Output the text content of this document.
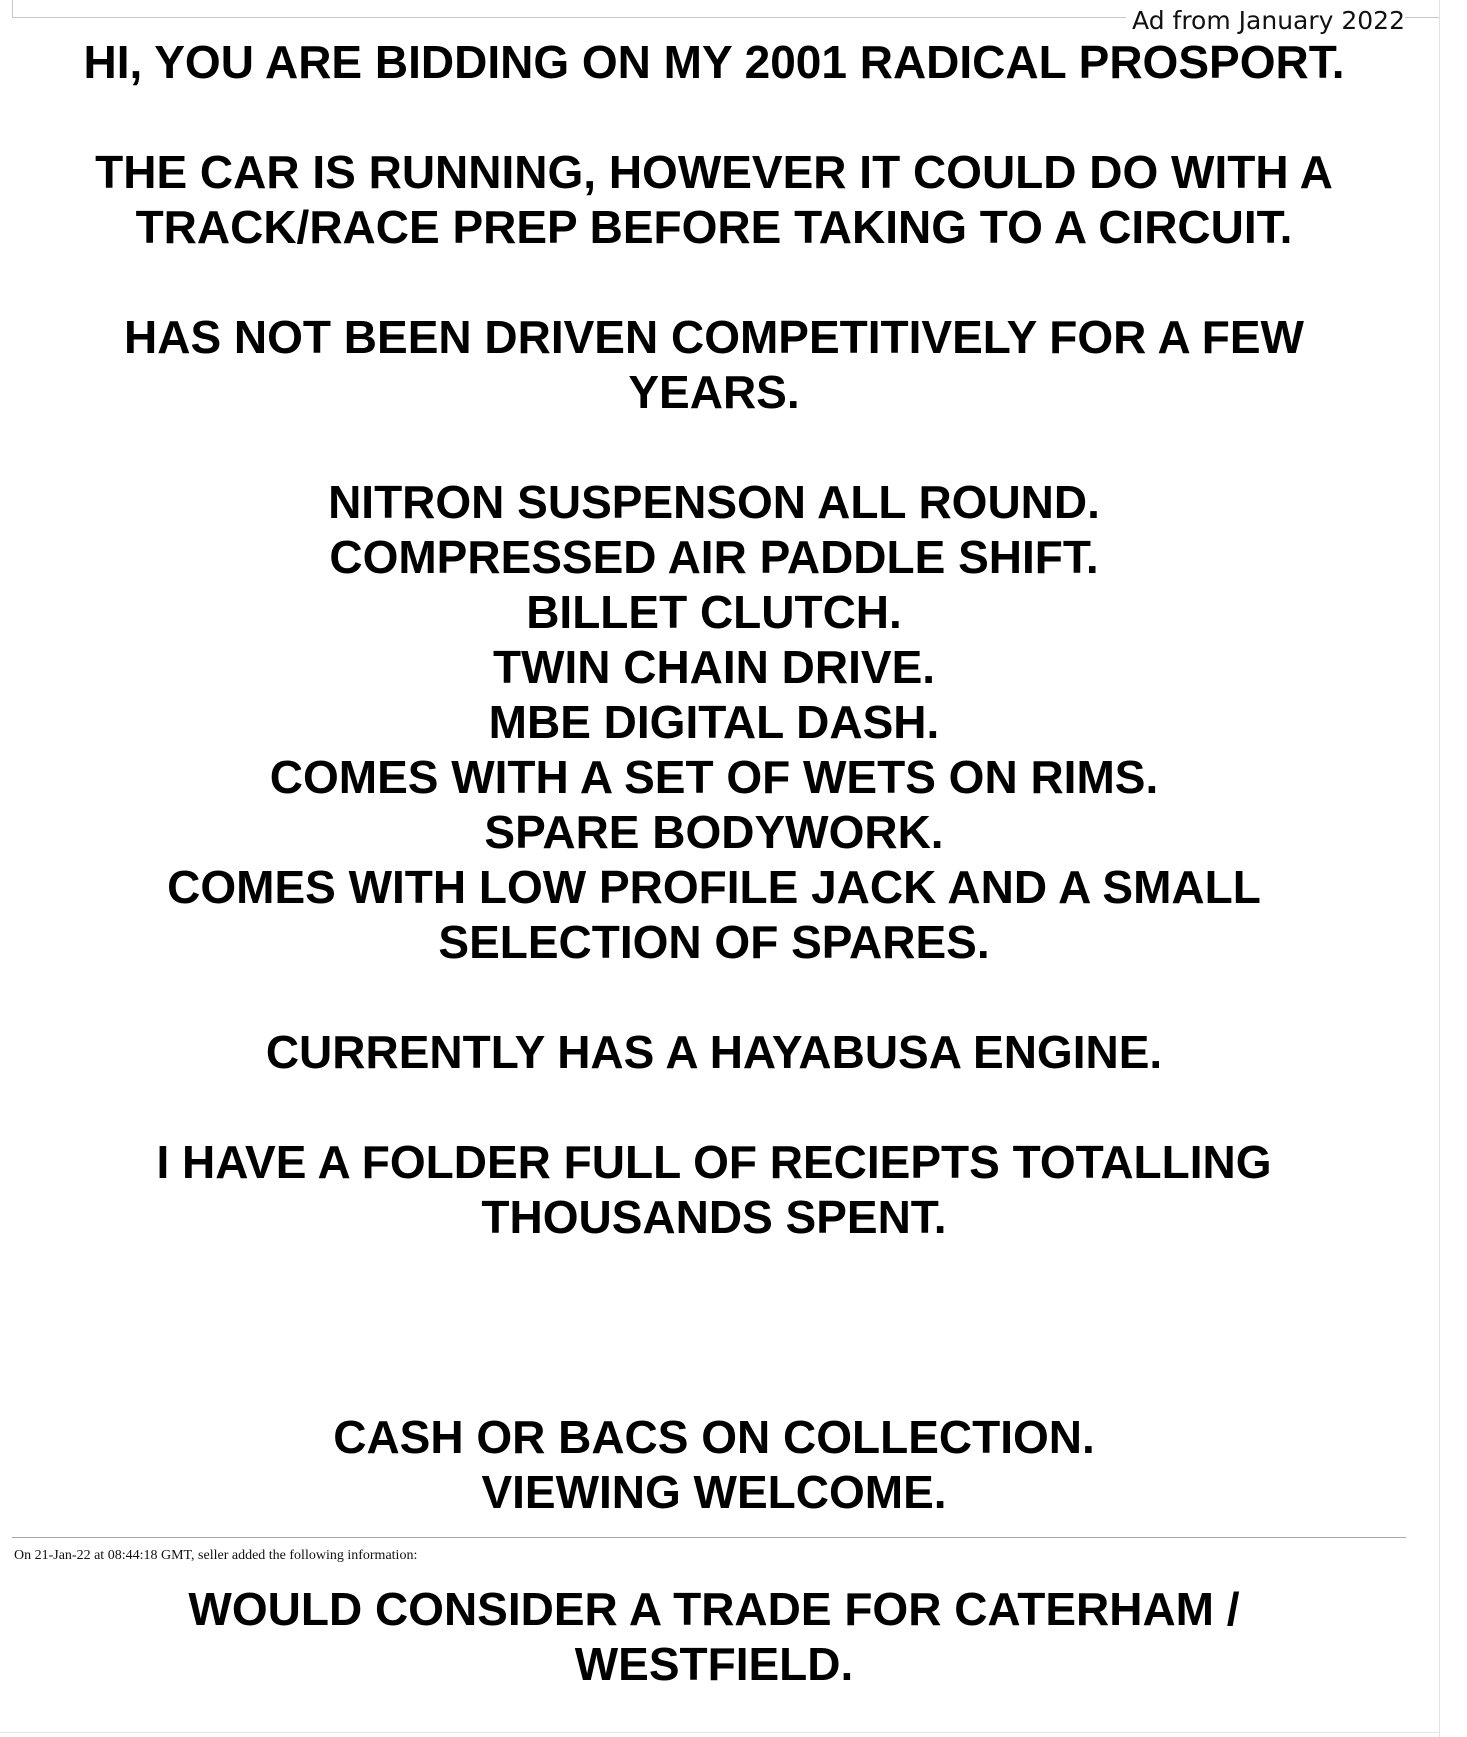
Ad from January 2022

HI, YOU ARE BIDDING ON MY 2001 RADICAL PROSPORT.

THE CAR IS RUNNING, HOWEVER IT COULD DO WITH A

TRACK/RACE PREP BEFORE TAKING TO A CIRCUIT.

HAS NOT BEEN DRIVEN COMPETITIVELY FOR A FEW

YEARS.

NITRON SUSPENSON ALL ROUND.

COMPRESSED AIR PADDLE SHIFT.

BILLET CLUTCH.

TWIN CHAIN DRIVE.

MBE DIGITAL DASH.

COMES WITH A SET OF WETS ON RIMS.

SPARE BODYWORK.

COMES WITH LOW PROFILE JACK AND A SMALL

SELECTION OF SPARES.

CURRENTLY HAS A HAYABUSA ENGINE.

I HAVE A FOLDER FULL OF RECIEPTS TOTALLING

THOUSANDS SPENT.

CASH OR BACS ON COLLECTION.

VIEWING WELCOME.

On 21-Jan-22 at 08:44:18 GMT, seller added the following information:

WOULD CONSIDER A TRADE FOR CATERHAM /

WESTFIELD.
